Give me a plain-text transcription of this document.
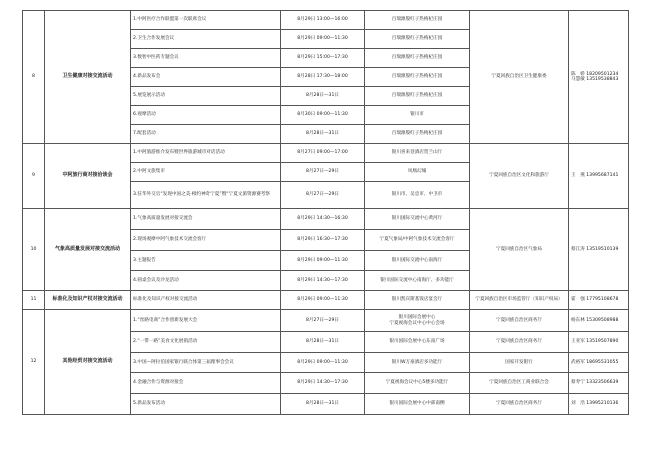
8	卫生健康对接交流活动	1.中阿医疗合作联盟第一次联席会议	8月29日 13:00—16:00	百瑞源殷红子热枸杞庄园	宁夏回族自治区卫生健康委	陈　娇 18209501234
马慧敏 13519538843

		2.卫生合作发展会议	8月29日 09:00—11:30	百瑞源殷红子热枸杞庄园		
		3.数智中医药专题会议	8月29日 15:00—17:30	百瑞源殷红子热枸杞庄园		
		4.新品发布会	8月28日 17:30—18:00	百瑞源殷红子热枸杞庄园		
		5.展览展示活动	8月28日—31日	百瑞源殷红子热枸杞庄园		
		6.观摩活动	8月30日 09:00—11:30	银川市		
		7.配套活动	8月28日—31日	百瑞源殷红子热枸杞庄园		
9	中阿旅行商对接洽谈会	1.中阿旅游推介发布暨世界旅游城市对话活动	8月27日 09:00—17:00	银川喜来登酒店贺兰山厅	宁夏回族自治区文化和旅游厅	王　燕 13995687141

		2.中阿文旅集市	8月27日—29日	凤凰幻城		
		3.驻华外交官“发现中国之美·相约神奇宁夏”暨“宁夏文旅资源赛考察	8月27日—29日	银川市、吴忠市、中卫市		
10	气象高质量发展对接交流活动	1.气象高质量发展对接交流会	8月29日 14:30—16:30	银川国际交流中心黄河厅	宁夏回族自治区气象局	蔡江涛 13519510139

		2.现场观摩中阿气象技术交流会客厅	8月29日 16:30—17:30	宁夏气象局/中阿气象技术交流会客厅		
		3.主题报告	8月29日 09:00—11:30	银川国际交流中心南海厅		
		4.圆桌会议及沙龙活动	8月29日 14:30—17:30	银川国际交流中心南海厅、多功能厅		
11	标准化及知识产权对接交流活动	标准化及知识产权对接交流活动	8月29日 09:00—11:30	银川凯宾斯基饭店宴会厅	宁夏回族自治区市场监管厅（知识产权局）	霍　强 17795108678

12	其他经贸对接交流活动	1.“丝路电商”合作创新发展大会	8月27日—29日	银川国际会展中心
宁夏视海会议中心中心会场	宁夏回族自治区商务厅	杨东林 15309508988
		2.“一带一路”美食文化展销活动	8月28日—31日	银川国际会展中心东南广场	宁夏回族自治区商务厅	王亚军 13519507890
		3.中国—阿拉伯国家银行联合体第三届理事会会议	8月29日 09:00—11:30	银川W万豪酒店多功能厅	国家开发银行	武裕军 18695531055
		4.金融合作与资源对接会	8月29日 14:30—17:30	宁夏视海会议中心5楼多功能厅	宁夏回族自治区工商业联合会	蔡寿宁 13323506639
		5.新品发布活动	8月28日—31日	银川国际会展中心中部南侧	宁夏回族自治区商务厅	刘　浩 13995210136
